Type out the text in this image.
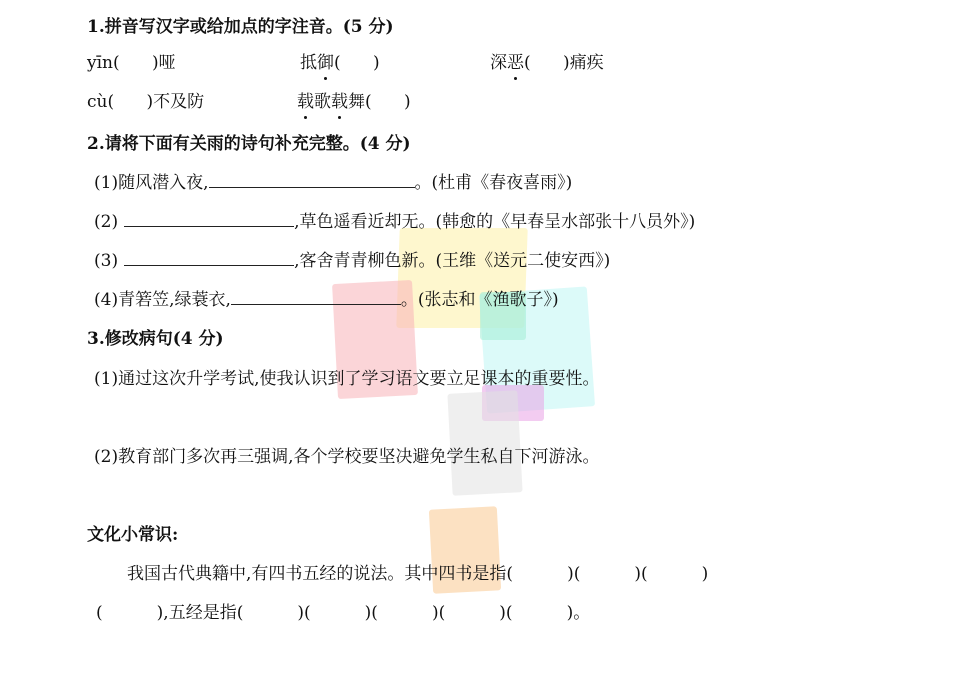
1.拼音写汉字或给加点的字注音。(5 分)
yīn(      )哑	抵御(      )	深恶(      )痛疾
cù(      )不及防	载歌载舞(      )
2.请将下面有关雨的诗句补充完整。(4 分)
(1)随风潜入夜,	。(杜甫《春夜喜雨》)
(2)	,草色遥看近却无。(韩愈的《早春呈水部张十八员外》)
(3)	,客舍青青柳色新。(王维《送元二使安西》)
(4)青箬笠,绿蓑衣,	。(张志和《渔歌子》)
3.修改病句(4 分)
(1)通过这次升学考试,使我认识到了学习语文要立足课本的重要性。
(2)教育部门多次再三强调,各个学校要坚决避免学生私自下河游泳。
文化小常识:
我国古代典籍中,有四书五经的说法。其中四书是指(          )(          )(          )
(          ),五经是指(          )(          )(          )(          )(          )。
